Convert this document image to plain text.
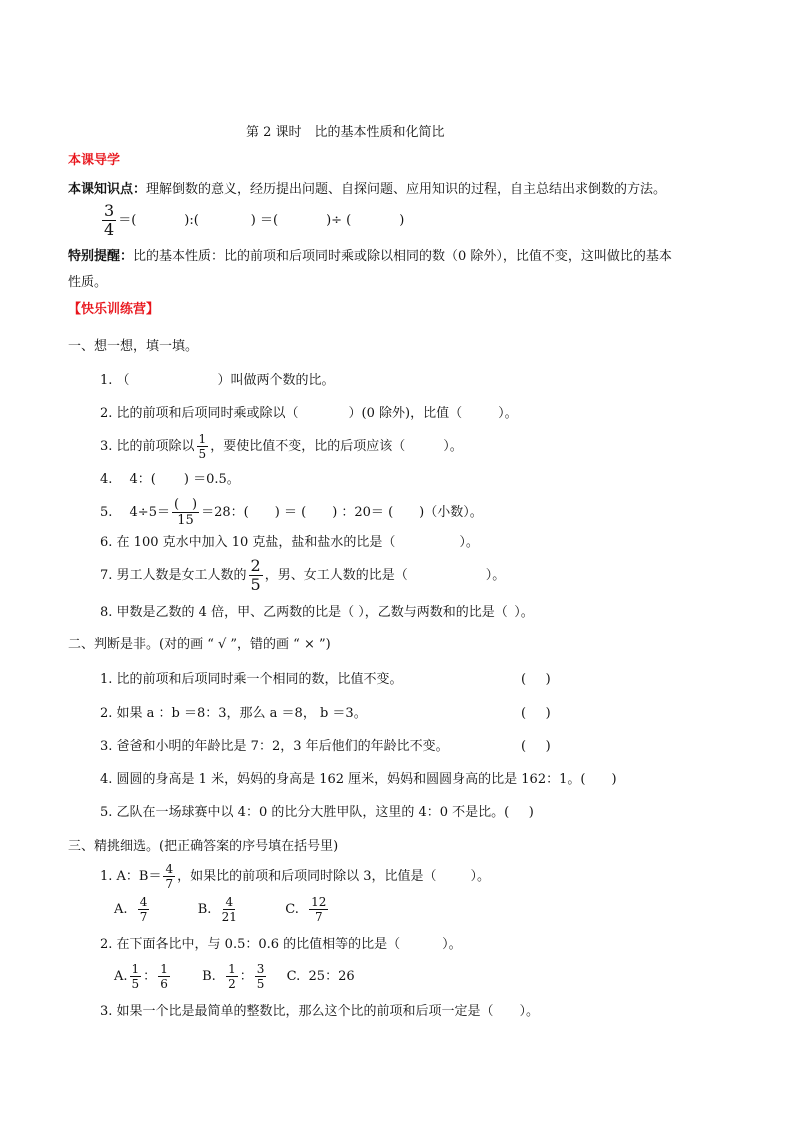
第 2 课时　比的基本性质和化简比
本课导学
本课知识点：理解倒数的意义，经历提出问题、自探问题、应用知识的过程，自主总结出求倒数的方法。
$\frac{3}{4}$ ＝(	):(	) ＝(	)÷ (	)
特别提醒：比的基本性质：比的前项和后项同时乘或除以相同的数（0 除外），比值不变，这叫做比的基本
性质。
【快乐训练营】
一、想一想，填一填。
1. （	）叫做两个数的比。
2. 比的前项和后项同时乘或除以（	）(0 除外)，比值（	）。
3. 比的前项除以 $\frac{1}{5}$ ，要使比值不变，比的后项应该（	）。
4.　 4：( ) ＝0.5。
5.　 $4\div 5= \frac{( )}{15} =28$：( ) ＝ ( ) ：20＝ ( )（小数）。
6. 在 100 克水中加入 10 克盐，盐和盐水的比是（	）。
7. 男工人数是女工人数的 $\frac{2}{5}$ ，男、女工人数的比是（	）。
8. 甲数是乙数的 4 倍，甲、乙两数的比是（ ），乙数与两数和的比是（ ）。
二、判断是非。(对的画 “ √ ”，错的画 “ × ”)
1. 比的前项和后项同时乘一个相同的数，比值不变。	(　 )
2. 如果 a ：b ＝8：3，那么 a ＝8， b ＝3。	(　 )
3. 爸爸和小明的年龄比是 7：2，3 年后他们的年龄比不变。	(　 )
4. 圆圆的身高是 1 米，妈妈的身高是 162 厘米，妈妈和圆圆身高的比是 162：1。(　　)
5. 乙队在一场球赛中以 4：0 的比分大胜甲队，这里的 4：0 不是比。(　 )
三、精挑细选。(把正确答案的序号填在括号里)
1. A：$B= \frac{4}{7}$ ，如果比的前项和后项同时除以 3，比值是（	）。
A. $\frac{4}{7}$	B. $\frac{4}{21}$	C. $\frac{12}{7}$
2. 在下面各比中，与 0.5：0.6 的比值相等的比是（	）。
A. $\frac{1}{5}$ ： $\frac{1}{6} B$. $\frac{1}{2}$ ： $\frac{3}{5} C$. 25：26
3. 如果一个比是最简单的整数比，那么这个比的前项和后项一定是（ ）。
